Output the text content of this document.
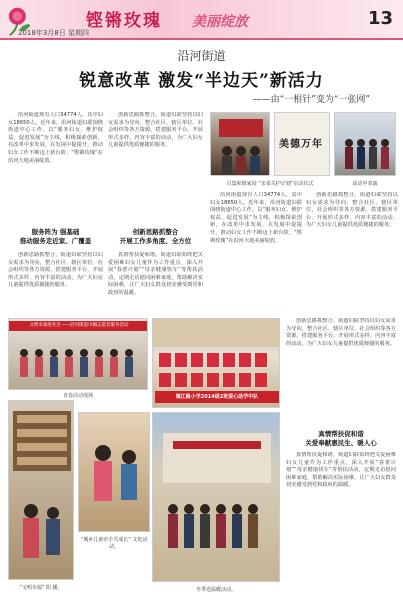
铿锵玫瑰 美丽绽放
2018年3月8日 星期四
13
沿河街道
锐意改革 激发“半边天”新活力
——由“一根针”变为“一张网”

沿河街道现有人口34774人，其中妇女18650人。近年来，沿河街道妇联围绕街道中心工作，以“服务妇女、维护权益、促进发展”为主线，积极探索创新，在改革中求发展，在发展中促提升，推动妇女工作不断迈上新台阶。“铿锵玫瑰”在沿河大地美丽绽放。

服务阵为 强基础
推动服务走近家、广覆盖

创新思路抓整合。街道妇联坚持以妇女需求为导向，整合社区、辖区单位、社会组织等各方资源，搭建服务平台，开展形式多样、内容丰富的活动，为广大妇女儿童提供优质便捷的服务。

创新思路抓整合。街道妇联坚持以妇女需求为导向，整合社区、辖区单位、社会组织等各方资源，搭建服务平台，开展形式多样、内容丰富的活动，为广大妇女儿童提供优质便捷的服务。

创新思路抓整合
开展工作多角度、全方位

真情帮扶促和谐。街道妇联始终把关爱困难妇女儿童作为工作重点，深入开展“春蕾计划”“母亲健康快车”等帮扶活动，定期走访慰问困难家庭，帮助解决实际困难，让广大妇女群众切实感受到党和政府的温暖。

美德万年
召集和谐家园 “亲邻关护计划”启动仪式	活动中表演

沿河街道现有人口34774人，其中妇女18650人。近年来，沿河街道妇联围绕街道中心工作，以“服务妇女、维护权益、促进发展”为主线，积极探索创新，在改革中求发展，在发展中促提升，推动妇女工作不断迈上新台阶。“铿锵玫瑰”在沿河大地美丽绽放。

创新思路抓整合。街道妇联坚持以妇女需求为导向，整合社区、辖区单位、社会组织等各方资源，搭建服务平台，开展形式多样、内容丰富的活动，为广大妇女儿童提供优质便捷的服务。

文明幸福进社区——沿河街道巾帼志愿者服务活动
青春活动现场	镇江路小学2014级2班爱心助学中队

创新思路抓整合。街道妇联坚持以妇女需求为导向，整合社区、辖区单位、社会组织等各方资源，搭建服务平台，开展形式多样、内容丰富的活动，为广大妇女儿童提供优质便捷的服务。

真情帮扶促和谐
关爱奉献惠民生、暖人心

真情帮扶促和谐。街道妇联始终把关爱困难妇女儿童作为工作重点，深入开展“春蕾计划”“母亲健康快车”等帮扶活动，定期走访慰问困难家庭，帮助解决实际困难，让广大妇女群众切实感受到党和政府的温暖。

“文明幸福” 阳 播。
“城乡儿童牵手共成长” 文化活动。
冬季送温暖活动。
